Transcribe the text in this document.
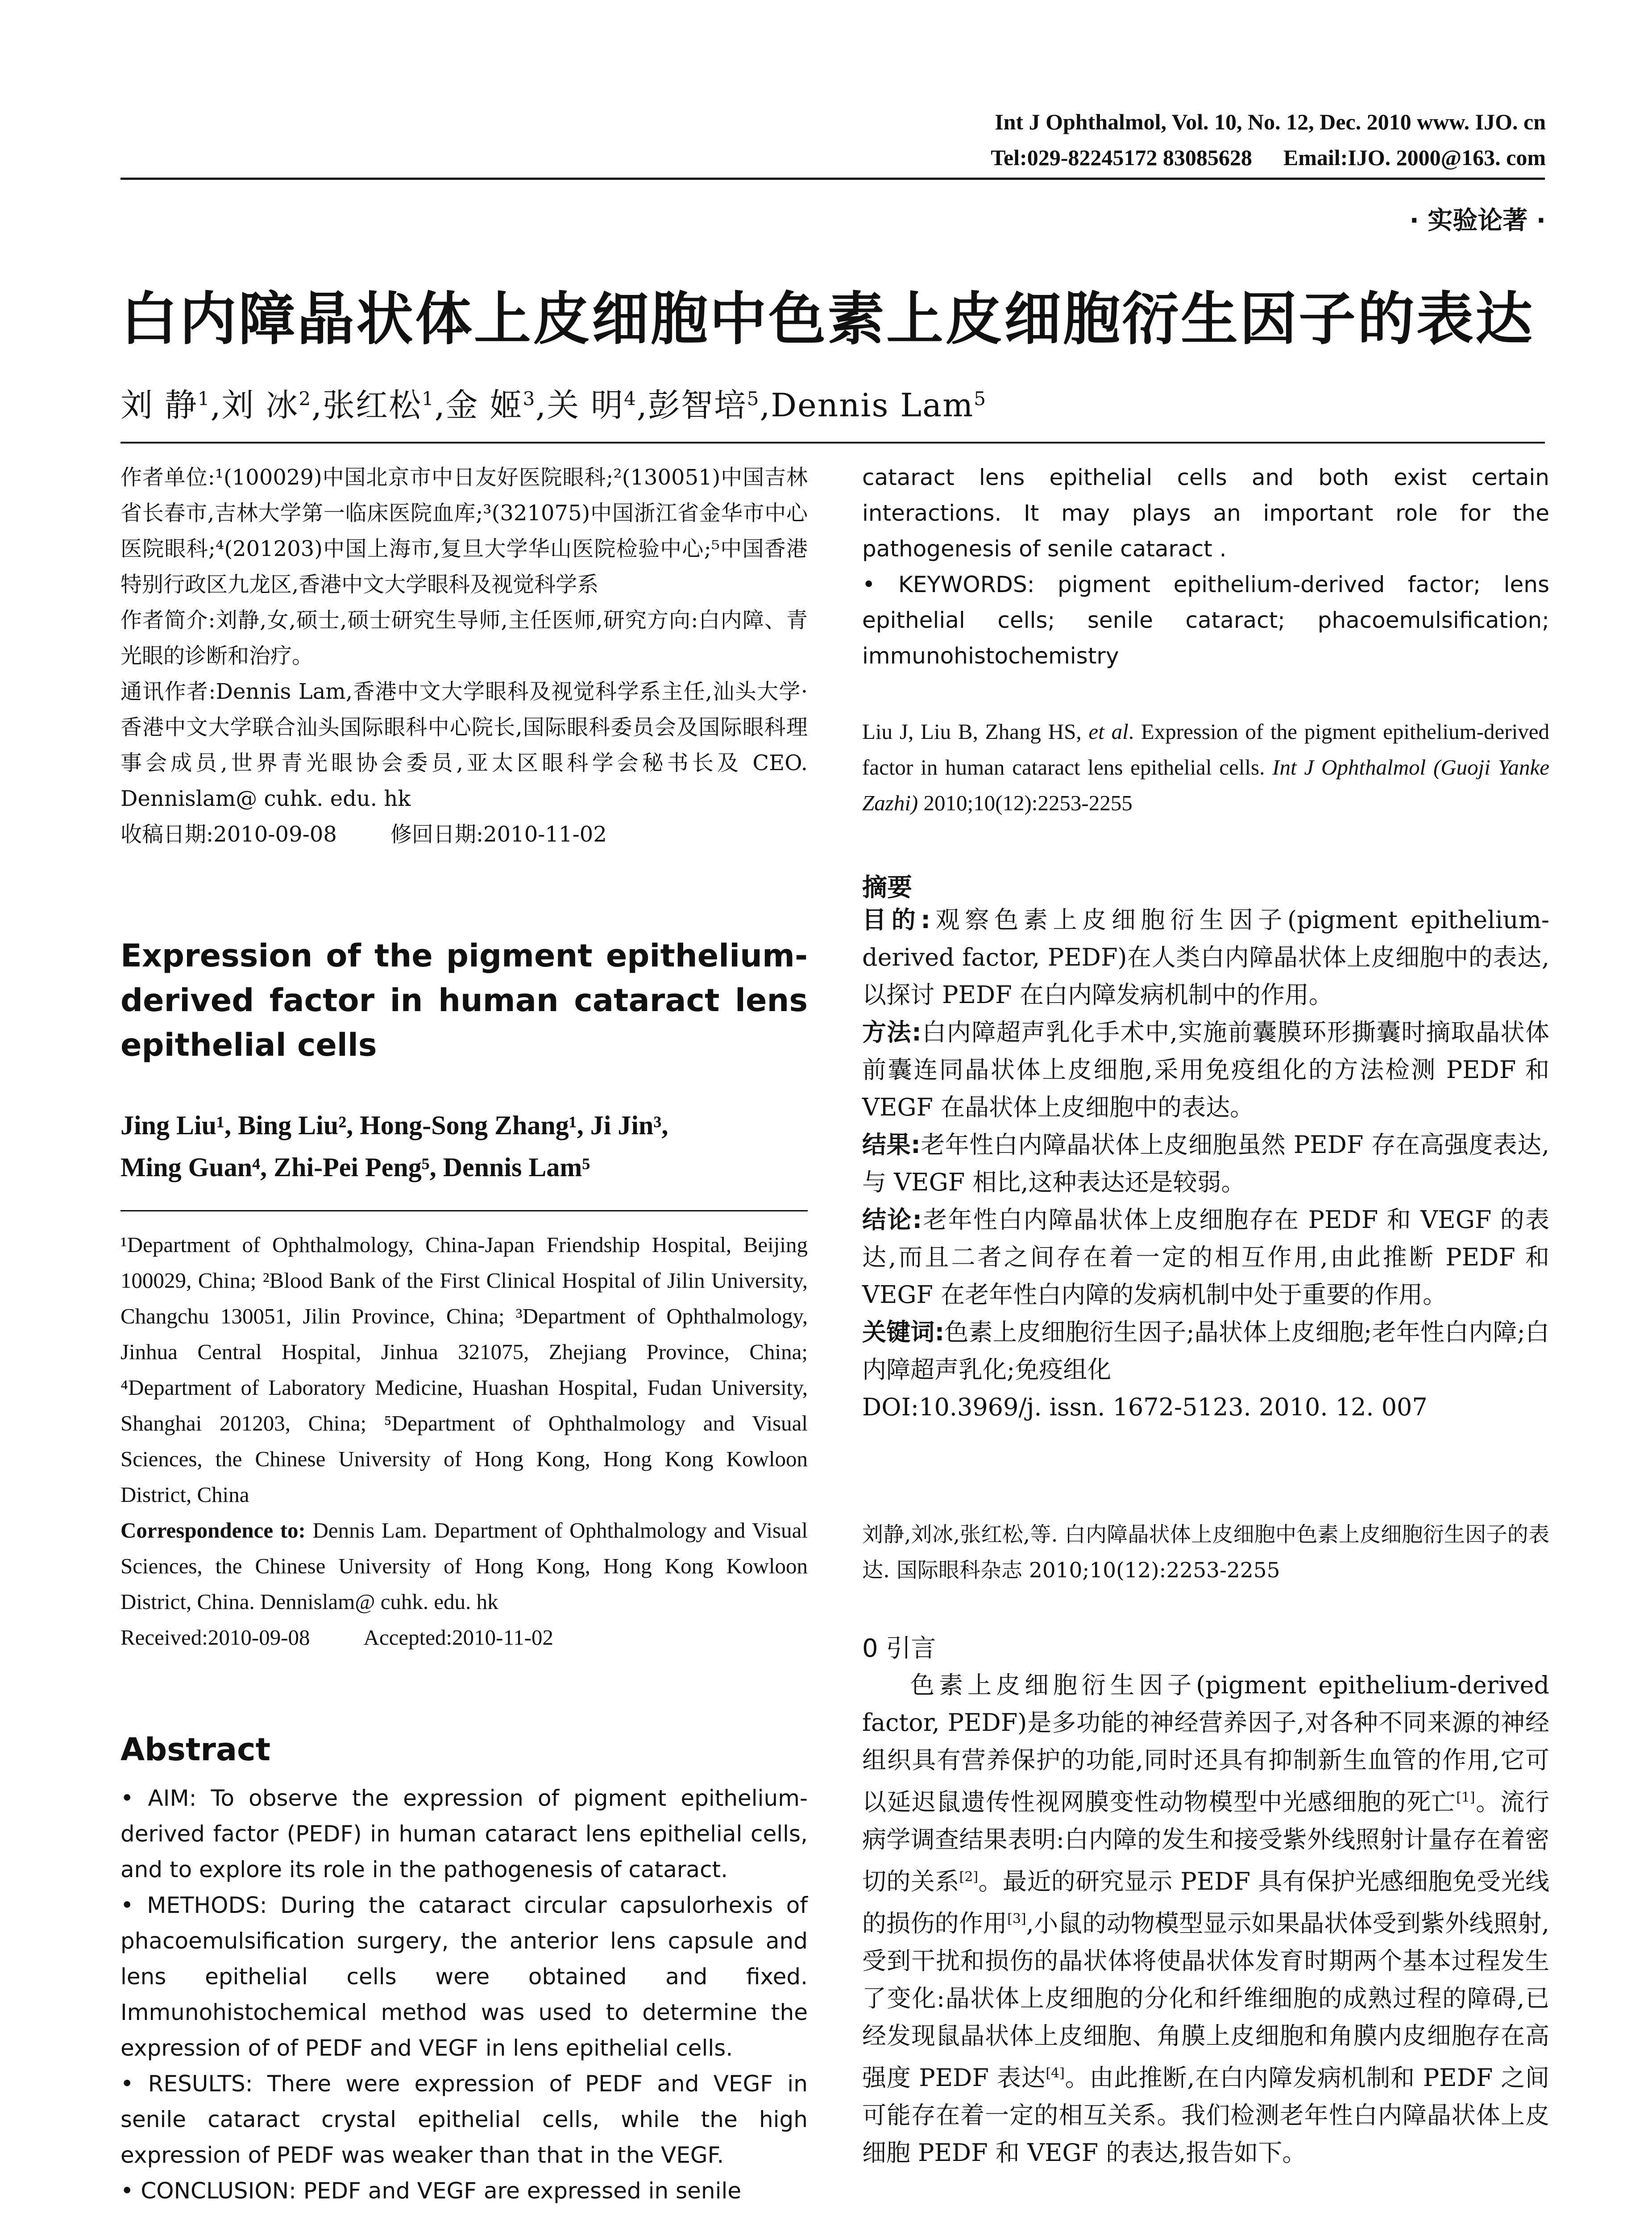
Int J Ophthalmol, Vol. 10, No. 12, Dec. 2010 www. IJO. cn
Tel:029-82245172 83085628 Email:IJO. 2000@163. com
· 实验论著 ·
白内障晶状体上皮细胞中色素上皮细胞衍生因子的表达
刘 静$^1$,刘 冰$^2$,张红松$^1$,金 姬$^3$,关 明$^4$,彭智培$^5$,Dennis Lam$^5$

作者单位:¹(100029)中国北京市中日友好医院眼科;²(130051)中国吉林省长春市,吉林大学第一临床医院血库;³(321075)中国浙江省金华市中心医院眼科;⁴(201203)中国上海市,复旦大学华山医院检验中心;⁵中国香港特别行政区九龙区,香港中文大学眼科及视觉科学系

作者简介:刘静,女,硕士,硕士研究生导师,主任医师,研究方向:白内障、青光眼的诊断和治疗。

通讯作者:Dennis Lam,香港中文大学眼科及视觉科学系主任,汕头大学·香港中文大学联合汕头国际眼科中心院长,国际眼科委员会及国际眼科理事会成员,世界青光眼协会委员,亚太区眼科学会秘书长及 CEO. Dennislam@ cuhk. edu. hk

收稿日期:2010-09-08	修回日期:2010-11-02

Expression of the pigment epithelium-derived factor in human cataract lens epithelial cells
Jing Liu¹, Bing Liu², Hong-Song Zhang¹, Ji Jin³,
Ming Guan⁴, Zhi-Pei Peng⁵, Dennis Lam⁵

¹Department of Ophthalmology, China-Japan Friendship Hospital, Beijing 100029, China; ²Blood Bank of the First Clinical Hospital of Jilin University, Changchu 130051, Jilin Province, China; ³Department of Ophthalmology, Jinhua Central Hospital, Jinhua 321075, Zhejiang Province, China; ⁴Department of Laboratory Medicine, Huashan Hospital, Fudan University, Shanghai 201203, China; ⁵Department of Ophthalmology and Visual Sciences, the Chinese University of Hong Kong, Hong Kong Kowloon District, China

Correspondence to: Dennis Lam. Department of Ophthalmology and Visual Sciences, the Chinese University of Hong Kong, Hong Kong Kowloon District, China. Dennislam@ cuhk. edu. hk

Received:2010-09-08 Accepted:2010-11-02

Abstract

• AIM: To observe the expression of pigment epithelium-derived factor (PEDF) in human cataract lens epithelial cells, and to explore its role in the pathogenesis of cataract.

• METHODS: During the cataract circular capsulorhexis of phacoemulsification surgery, the anterior lens capsule and lens epithelial cells were obtained and fixed. Immunohistochemical method was used to determine the expression of of PEDF and VEGF in lens epithelial cells.

• RESULTS: There were expression of PEDF and VEGF in senile cataract crystal epithelial cells, while the high expression of PEDF was weaker than that in the VEGF.

• CONCLUSION: PEDF and VEGF are expressed in senile

cataract lens epithelial cells and both exist certain interactions. It may plays an important role for the pathogenesis of senile cataract .

• KEYWORDS: pigment epithelium-derived factor; lens epithelial cells; senile cataract; phacoemulsification; immunohistochemistry

Liu J, Liu B, Zhang HS, et al. Expression of the pigment epithelium-derived factor in human cataract lens epithelial cells. Int J Ophthalmol (Guoji Yanke Zazhi) 2010;10(12):2253-2255
摘要

目的:观察色素上皮细胞衍生因子(pigment epithelium-derived factor, PEDF)在人类白内障晶状体上皮细胞中的表达,以探讨 PEDF 在白内障发病机制中的作用。

方法:白内障超声乳化手术中,实施前囊膜环形撕囊时摘取晶状体前囊连同晶状体上皮细胞,采用免疫组化的方法检测 PEDF 和 VEGF 在晶状体上皮细胞中的表达。

结果:老年性白内障晶状体上皮细胞虽然 PEDF 存在高强度表达,与 VEGF 相比,这种表达还是较弱。

结论:老年性白内障晶状体上皮细胞存在 PEDF 和 VEGF 的表达,而且二者之间存在着一定的相互作用,由此推断 PEDF 和 VEGF 在老年性白内障的发病机制中处于重要的作用。

关键词:色素上皮细胞衍生因子;晶状体上皮细胞;老年性白内障;白内障超声乳化;免疫组化

DOI:10.3969/j. issn. 1672-5123. 2010. 12. 007

刘静,刘冰,张红松,等. 白内障晶状体上皮细胞中色素上皮细胞衍生因子的表达. 国际眼科杂志 2010;10(12):2253-2255
0 引言
色素上皮细胞衍生因子(pigment epithelium-derived factor, PEDF)是多功能的神经营养因子,对各种不同来源的神经组织具有营养保护的功能,同时还具有抑制新生血管的作用,它可以延迟鼠遗传性视网膜变性动物模型中光感细胞的死亡[1]。流行病学调查结果表明:白内障的发生和接受紫外线照射计量存在着密切的关系[2]。最近的研究显示 PEDF 具有保护光感细胞免受光线的损伤的作用[3],小鼠的动物模型显示如果晶状体受到紫外线照射,受到干扰和损伤的晶状体将使晶状体发育时期两个基本过程发生了变化:晶状体上皮细胞的分化和纤维细胞的成熟过程的障碍,已经发现鼠晶状体上皮细胞、角膜上皮细胞和角膜内皮细胞存在高强度 PEDF 表达[4]。由此推断,在白内障发病机制和 PEDF 之间可能存在着一定的相互关系。我们检测老年性白内障晶状体上皮细胞 PEDF 和 VEGF 的表达,报告如下。
